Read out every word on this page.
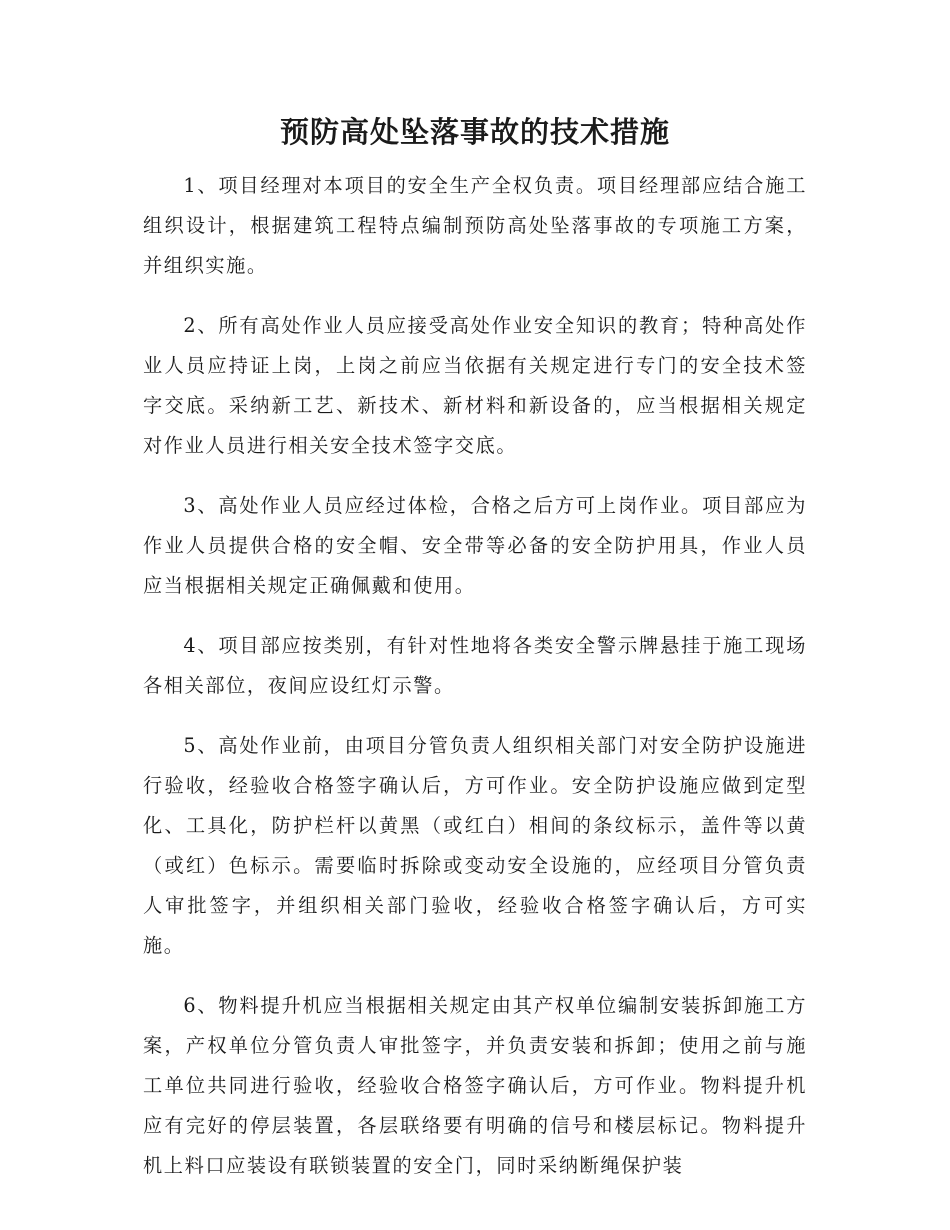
预防高处坠落事故的技术措施

1、项目经理对本项目的安全生产全权负责。项目经理部应结合施工组织设计，根据建筑工程特点编制预防高处坠落事故的专项施工方案，并组织实施。

2、所有高处作业人员应接受高处作业安全知识的教育；特种高处作业人员应持证上岗，上岗之前应当依据有关规定进行专门的安全技术签字交底。采纳新工艺、新技术、新材料和新设备的，应当根据相关规定对作业人员进行相关安全技术签字交底。

3、高处作业人员应经过体检，合格之后方可上岗作业。项目部应为作业人员提供合格的安全帽、安全带等必备的安全防护用具，作业人员应当根据相关规定正确佩戴和使用。

4、项目部应按类别，有针对性地将各类安全警示牌悬挂于施工现场各相关部位，夜间应设红灯示警。

5、高处作业前，由项目分管负责人组织相关部门对安全防护设施进行验收，经验收合格签字确认后，方可作业。安全防护设施应做到定型化、工具化，防护栏杆以黄黑（或红白）相间的条纹标示，盖件等以黄（或红）色标示。需要临时拆除或变动安全设施的，应经项目分管负责人审批签字，并组织相关部门验收，经验收合格签字确认后，方可实施。

6、物料提升机应当根据相关规定由其产权单位编制安装拆卸施工方案，产权单位分管负责人审批签字，并负责安装和拆卸；使用之前与施工单位共同进行验收，经验收合格签字确认后，方可作业。物料提升机应有完好的停层装置，各层联络要有明确的信号和楼层标记。物料提升机上料口应装设有联锁装置的安全门，同时采纳断绳保护装
